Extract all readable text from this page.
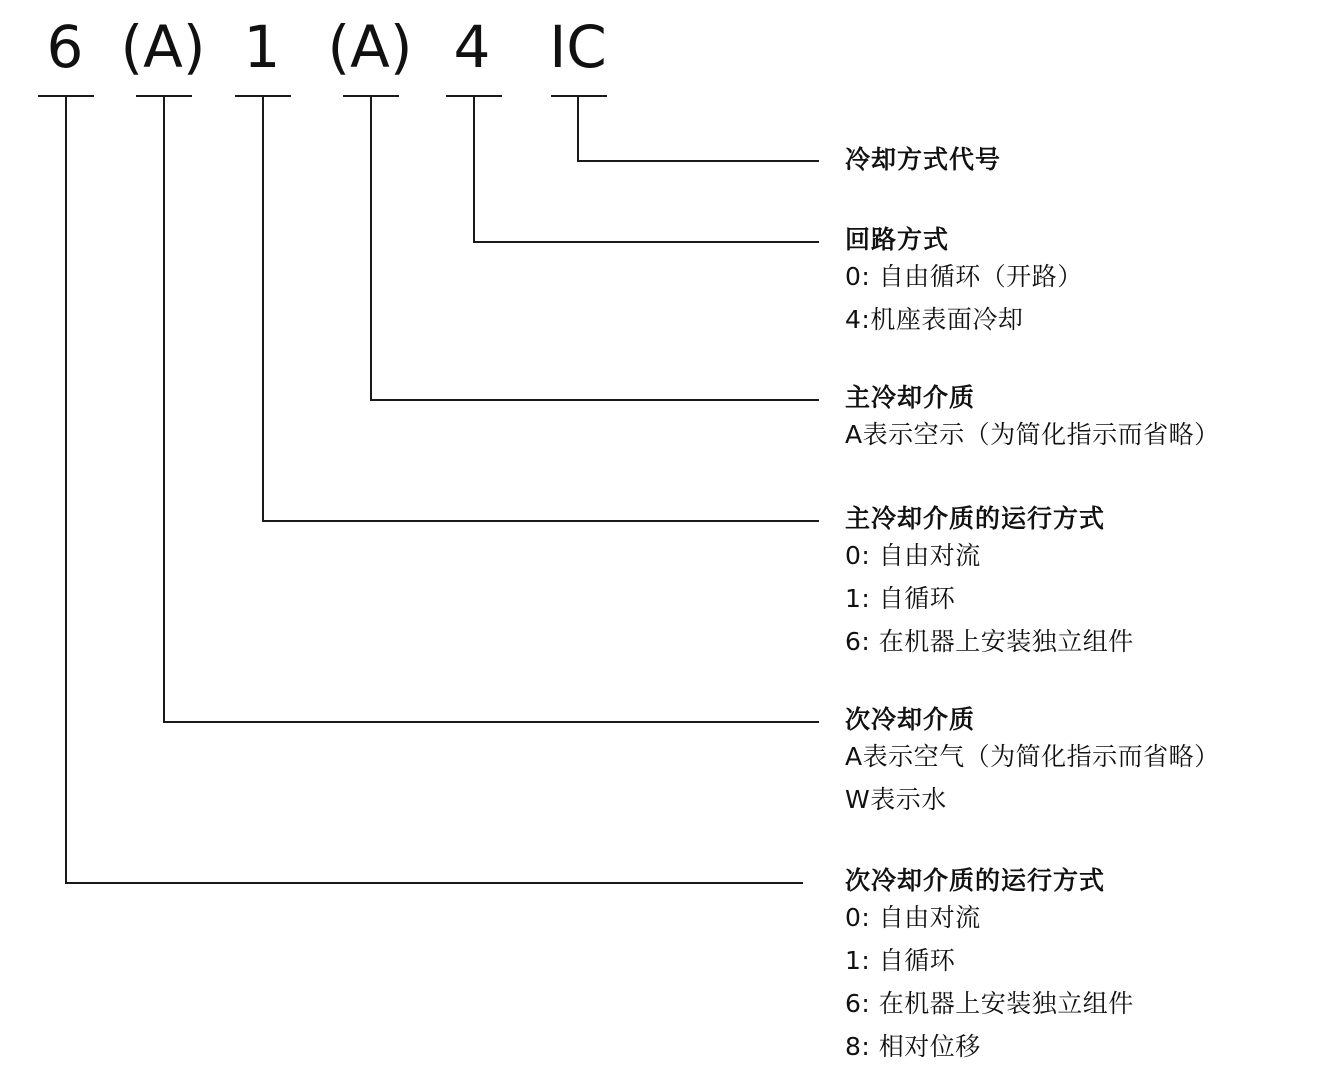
6 (A) 1 (A) 4 IC
冷却方式代号
回路方式
0: 自由循环（开路）
4:机座表面冷却
主冷却介质
A表示空示（为简化指示而省略）
主冷却介质的运行方式
0: 自由对流
1: 自循环
6: 在机器上安装独立组件
次冷却介质
A表示空气（为简化指示而省略）
W表示水
次冷却介质的运行方式
0: 自由对流
1: 自循环
6: 在机器上安装独立组件
8: 相对位移
